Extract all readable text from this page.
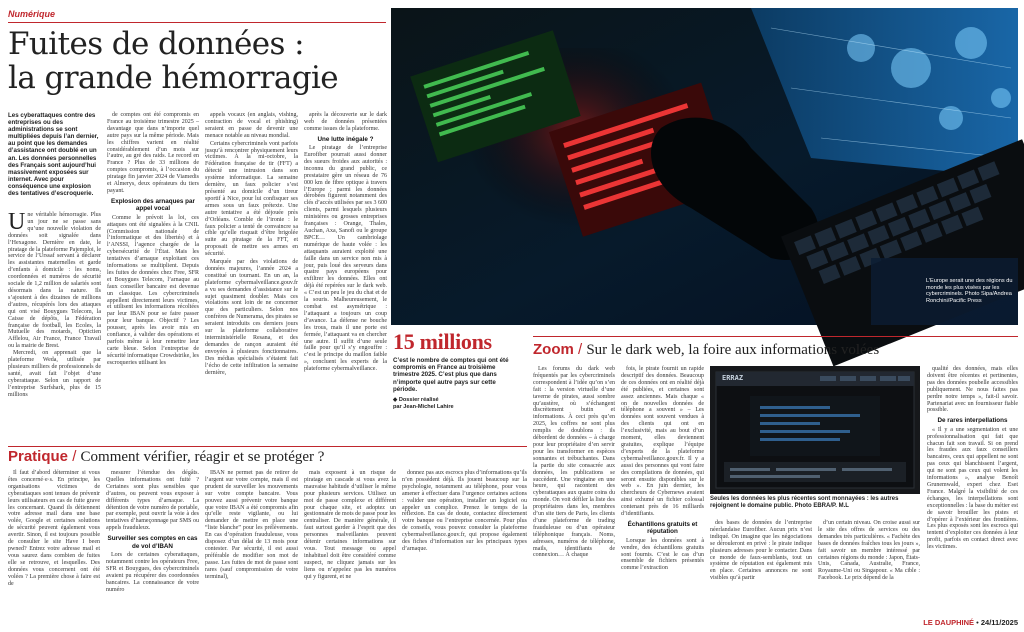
Numérique
Fuites de données :
la grande hémorragie
Les cyberattaques contre des entreprises ou des administrations se sont multipliées depuis l’an dernier, au point que les demandes d’assistance ont doublé en un an. Les données personnelles des Français sont aujourd’hui massivement exposées sur internet. Avec pour conséquence une explosion des tentatives d’escroquerie.
U ne véritable hémorragie. Plus un jour ne se passe sans qu’une nouvelle violation de données soit signalée dans l’Hexagone. Dernière en date, le piratage de la plateforme Pajemploi, le service de l’Urssaf servant à déclarer les assistantes maternelles et garde d’enfants à domicile : les noms, coordonnées et numéros de sécurité sociale de 1,2 million de salariés sont désormais dans la nature. Ils s’ajoutent à des dizaines de millions d’autres, récupérés lors des attaques qui ont visé Bouygues Telecom, la Caisse de dépôts, la Fédération française de football, les Ecoles, la Mutuelle des motards, Optictien Afflelou, Air France, France Travail ou la mairie de Brest.

Mercredi, on apprenait que la plateforme Weda, utilisée par plusieurs milliers de professionnels de santé, avait fait l’objet d’une cyberattaque. Selon un rapport de l’entreprise Surfshark, plus de 15 millions

de comptes ont été compromis en France au troisième trimestre 2025 – davantage que dans n’importe quel autre pays sur la même période. Mais les chiffres varient en réalité considérablement d’un mois sur l’autre, au gré des raids. Le record en France ? Plus de 33 millions de comptes compromis, à l’occasion du piratage fin janvier 2024 de Viamedis et Almerys, deux opérateurs du tiers payant.

Explosion des arnaques par appel vocal

Comme le prévoit la loi, ces attaques ont été signalées à la CNIL (Commission nationale de l’informatique et des libertés) et à l’ANSSI, l’agence chargée de la cybersécurité de l’État. Mais les tentatives d’arnaque exploitant ces informations se multiplient. Depuis les fuites de données chez Free, SFR et Bouygues Telecom, l’arnaque au faux conseiller bancaire est devenue un classique. Les cybercriminels appellent directement leurs victimes, et utilisent les informations récoltées par leur IBAN pour se faire passer pour leur banque. Objectif ? Les pousser, après les avoir mis en confiance, à valider des opérations et parfois même à leur remettre leur carte bleue. Selon l’entreprise de sécurité informatique Crowdstrike, les escroqueries utilisant les

appels vocaux (en anglais, vishing, contraction de vocal et phishing) seraient en passe de devenir une menace notable au niveau mondial.

Certains cybercriminels vont parfois jusqu’à rencontrer physiquement leurs victimes. À la mi-octobre, la Fédération française de tir (FFT) a détecté une intrusion dans son système informatique. La semaine dernière, un faux policier s’est présenté au domicile d’un tireur sportif à Nice, pour lui confisquer ses armes sous un faux prétexte. Une autre tentative a été déjouée près d’Orléans. Comble de l’ironie : le faux policier a tenté de convaincre sa cible qu’elle risquait d’être brigolée suite au piratage de la FFT, et proposait de mettre ses armes en sécurité.

Marquée par des violations de données majeures, l’année 2024 a constitué un tournant. En un an, la plateforme cybermalveillance.gouv.fr a vu ses demandes d’assistance sur le sujet quasiment doubler. Mais ces violations sont loin de ne concerner que des particuliers. Selon nos confrères de Numerama, des pirates se seraient introduits ces derniers jours sur la plateforme collaborative interministérielle Resana, et des demandes de rançon auraient été envoyées à plusieurs fonctionnaires. Des médias spécialisés s’étaient fait l’écho de cette infiltration la semaine dernière,

après la découverte sur le dark web de données présentées comme issues de la plateforme.

Une lutte inégale ?

Le piratage de l’entreprise Eurofiber pourrait aussi donner des sueurs froides aux autorités : inconnu du grand public, ce prestataire gère un réseau de 76 000 km de fibre optique à travers l’Europe ; parmi les données dérobées figurent notamment des clés d’accès utilisées par ses 3 600 clients, parmi lesquels plusieurs ministères ou grosses entreprises françaises : Orange, Thales, Auchan, Axa, Sanofi ou le groupe BPCE… Un cambriolage numérique de haute volée : les attaquants auraient exploité une faille dans un service non mis à jour, puis loué des serveurs dans quatre pays européens pour exfiltrer les données. Elles ont déjà été repérées sur le dark web. « C’est un peu le jeu du chat et de la souris. Malheureusement, le combat est asymétrique : l’attaquant a toujours un coup d’avance. La défense ne bouche les trous, mais il une porte est fermée, l’attaquant va en chercher une autre. Il suffit d’une seule faille pour qu’il s’y engouffre : c’est le principe du maillon faible », concluent les experts de la plateforme cybermalveillance.

15 millions
C’est le nombre de comptes qui ont été compromis en France au troisième trimestre 2025. C’est plus que dans n’importe quel autre pays sur cette période.
◆ Dossier réalisé
par Jean-Michel Lahire
L’Europe serait une des régions du monde les plus visées par les cybercriminels. Photo Sipa/Andrea Ronchini/Pacific Press
Zoom / Sur le dark web, la foire aux informations volées

Les forums du dark web fréquentés par les cybercriminels correspondent à l’idée qu’on s’en fait : la version virtuelle d’une taverne de pirates, aussi sombre qu’austère, où s’échangent discrètement butin et informations. À ceci près qu’en 2025, les coffres ne sont plus remplis de doublons : ils débordent de données – à charge pour leur propriétaire d’en servir pour les transformer en espèces sonnantes et trébuchantes. Dans la partie du site consacrée aux données, les publications se succèdent. Une vingtaine en une heure, qui racontent des cyberattaques aux quatre coins du monde. On voit défiler la liste des propriétaires dans les, membres d’un site tiers de Paris, les clients d’une plateforme de trading frauduleuse ou d’un opérateur téléphonique français. Noms, adresses, numéros de téléphone, mails, identifiants de connexion… À chaque

fois, le pirate fournit un rapide descriptif des données. Beaucoup de ces données ont en réalité déjà été publiées, et certaines sont assez anciennes. Mais chaque « on de nouvelles données de téléphone a souvent » – Les données sont souvent vendues à des clients qui ont en l’exclusivité, mais au bout d’un moment, elles deviennent gratuites, explique l’équipe d’experts de la plateforme cybermalveillance.gouv.fr. Il y a aussi des personnes qui vont faire des compilations de données, qui seront ensuite disponibles sur le web ». En juin dernier, les chercheurs de Cybernews avaient ainsi exhumé un fichier colossal contenant près de 16 milliards d’identifiants.

Échantillons gratuits et réputation

Lorsque les données sont à vendre, des échantillons gratuits sont fournis. C’est le cas d’un ensemble de fichiers présentés comme l’extraction

ERRAZ
Seules les données les plus récentes sont monnayées : les autres rejoignent le domaine public. Photo EBRA/P. M.L

des bases de données de l’entreprise néerlandaise Eurofiber. Aucun prix n’est indiqué. On imagine que les négociations se dérouleront en privé : le pirate indique plusieurs adresses pour le contacter. Dans ce monde de faux-semblants, tout un système de réputation est également mis en place. Certaines annonces ne sont visibles qu’à partir

d’un certain niveau. On croise aussi sur le site des offres de services ou des demandes très particulières. « Fachète des bases de données fraîches tous les jours », fait savoir un membre intéressé par certaines régions du monde : Japon, États-Unis, Canada, Australie, France, Royaume-Uni ou Singapour. « Ma cible : Facebook. Le prix dépend de la

qualité des données, mais elles doivent être récentes et pertinentes, pas des données poubelle accessibles publiquement. Ne nous faites pas perdre notre temps », fait-il savoir. Partenariat avec un fournisseur fiable possible.

De rares interpellations

« Il y a une segmentation et une professionnalisation qui fait que chacun fait son travail. Si on prend les fraudes aux faux conseillers bancaires, ceux qui appellent ne sont pas ceux qui blanchissent l’argent, qui ne sont pas ceux qui volent les informations », analyse Benoît Grunemwald, expert chez Eset France. Malgré la visibilité de ces échanges, les interpellations sont exceptionnelles : la base du métier est de savoir brouiller les pistes et d’opérer à l’extérieur des frontières. Les plus exposés sont les escrocs qui tentent d’exploiter ces données à leur profit, parfois en contact direct avec les victimes.

Pratique / Comment vérifier, réagir et se protéger ?

Il faut d’abord déterminer si vous êtes concerné·e·s. En principe, les organisations victimes de cyberattaques sont tenues de prévenir leurs utilisateurs en cas de fuite grave les concernant. Quand ils détiennent votre adresse mail dans une base volée, Google et certaines solutions de sécurité peuvent également vous avertir. Sinon, il est toujours possible de consulter le site Have I been pwned? Entrez votre adresse mail et vous saurez dans combien de fuites elle se retrouve, et lesquelles. Des données vous concernent ont été volées ? La première chose à faire est de

mesurer l’étendue des dégâts. Quelles informations ont fuité ? Certaines sont plus sensibles que d’autres, ou peuvent vous exposer à différents types d’arnaque. La détention de votre numéro de portable, par exemple, peut ouvrir la voie à des tentatives d’hameçonnage par SMS ou appels frauduleux.

Surveiller ses comptes en cas de vol d’IBAN

Lors de certaines cyberattaques, notamment contre les opérateurs Free, SFR et Bouygues, des cybercriminels avaient pu récupérer des coordonnées bancaires. La connaissance de votre numéro

IBAN ne permet pas de retirer de l’argent sur votre compte, mais il est prudent de surveiller les mouvements sur votre compte bancaire. Vous pouvez aussi prévenir votre banque que votre IBAN a été compromis afin qu’elle reste vigilante, ou lui demander de mettre en place une “liste blanche” pour les prélèvements. En cas d’opération frauduleuse, vous disposez d’un délai de 13 mois pour contester. Par sécurité, il est aussi préférable de modifier son mot de passe. Les fuites de mot de passe sont rares (sauf compromission de votre terminal),

mais exposent à un risque de piratage en cascade si vous avez la mauvaise habitude d’utiliser le même pour plusieurs services. Utilisez un mot de passe complexe et différent pour chaque site, et adoptez un gestionnaire de mots de passe pour les centraliser. De manière générale, il faut surtout garder à l’esprit que des personnes malveillantes peuvent détenir certaines informations sur vous. Tout message ou appel inhabituel doit être considéré comme suspect, ne cliquez jamais sur les liens ou n’appelez pas les numéros qui y figurent, et ne

donnez pas aux escrocs plus d’informations qu’ils n’en possèdent déjà. Ils jouent beaucoup sur la psychologie, notamment au téléphone, pour vous amener à effectuer dans l’urgence certaines actions : valider une opération, installer un logiciel ou appeler un complice. Prenez le temps de la réflexion. En cas de doute, contactez directement votre banque ou l’entreprise concernée. Pour plus de conseils, vous pouvez consulter la plateforme cybermalveillance.gouv.fr, qui propose également des fiches d’information sur les principaux types d’arnaque.

LE DAUPHINÉ • 24/11/2025
